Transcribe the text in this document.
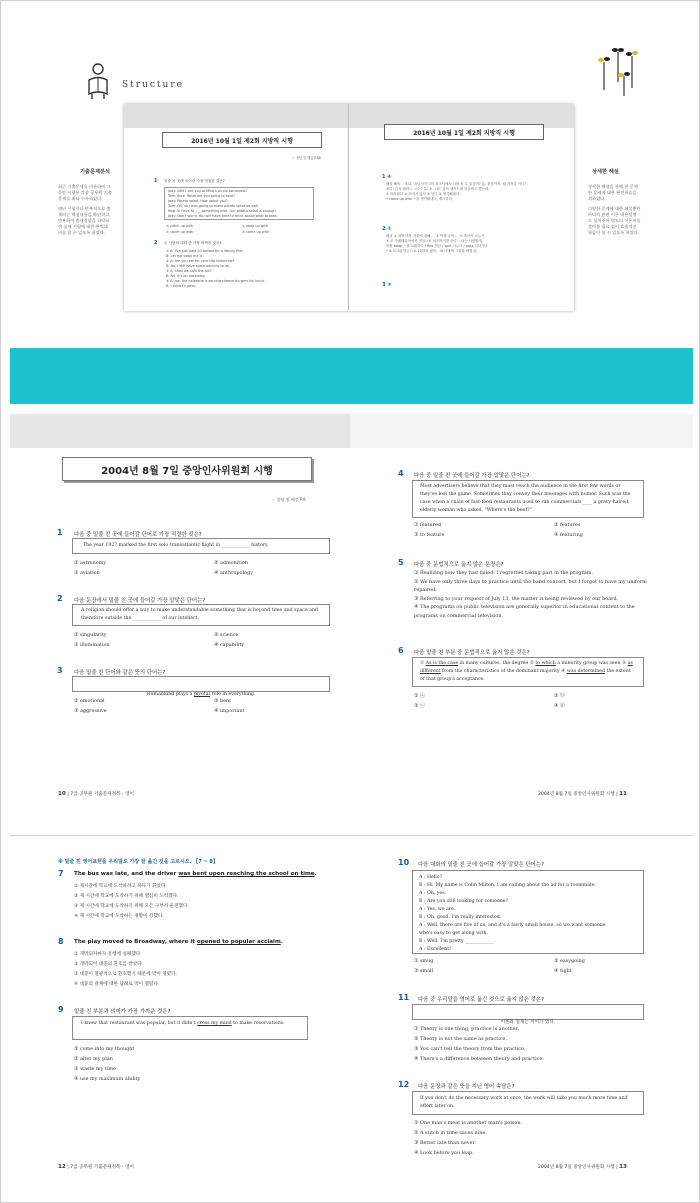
Structure
기출문제분석
최근 기출문제를 비롯하여 그
동안 시행된 각종 공무원 기출
문제를 최다 수록하였다.
매년 시험마다 반복적으로 출
제되는 핵심내용을 확인하고,
반복하여 출제경향을 파악하
여 실제 시험에 대한 완벽대
비를 할 수 있도록 하였다.
상세한 해설
상세한 해설을 통해 한 문제
한 문제에 대한 완전학습을
꾀하였다.
다양한 문제에 대한 해설뿐만
아니라 관련 이론 내용설명
도 실어주어 별도의 이론서를
찾아볼 필요 없이 효율적인
학습이 될 수 있도록 하였다.
2016년 10월 1일 제2회 지방직 시행
☞ 정답 및 해설 P.88
1 밑줄 친 곳에 들어갈 가장 적절한 것은?
Jody: Well I see you at Mike's picnic tomorrow?
Tom: Sure. What are you going to take?
Jody: Potato salad. How about you?
Tom: Oh, so I was going to make potato salad as well.
Now I'll have to ___ something else. Our potato salad is enough.
Jody: Don't worry. You will have time to think about what to take.
① catch up with	② keep up with
③ cover up with	④ come up with
2 두 사람의 대화 중 가장 어색한 것은?
① A: I've just paid 20 dollars for a library fine.
B: Let me swap me it.
② A: Are you set for your trip tomorrow?
B: No, I still have some packing to do.
③ A: Shall we split the bill?
B: No, it's on me today.
④ A: Joe, the cafeteria is serving cheese burgers for lunch.
B: I think I'll pass.
2016년 10월 1일 제2회 지방직 시행
1 ④
해설 해석 「조디: 내일 마이크의 피크닉에서 너를 볼 수 있을까? 톰: 물론이지. 뭘 가져갈 거니?」
조디: 감자 샐러드. 너는? 톰: 오, 나도 감자 샐러드를 만들려고 했는데.
① 따라잡다 ② 뒤지지 않다 ③ 덮다 ④ 생각해내다
• come up with ~을 생각해내다, 제시하다
2 ①
해설 ① 지방 비용 지불에 대해 ... ② 여행 준비 ... ③ 계산서 나누기
④ 조 카페테리아에서 점심으로 치즈버거를 준다. - 나는 사양할게.
어휘 swap ~을 교환하다 / fine 벌금 / split 나누다 / pass 지나가다
• A 도서관 벌금으로 20달러 냈어. - B 나에게 그것을 바꿔 줘.
3 ③
2004년 8월 7일 중앙인사위원회 시행
☞ 정답 및 해설 P.9
1 다음 중 밑줄 친 곳에 들어갈 단어로 가장 적절한 것은?
The year 1927 marked the first solo transatlantic flight in ____________ history.
① astronomy	② admonition
③ aviation	④ anthropology
2 다음 문장에서 밑줄 친 곳에 들어갈 가장 알맞은 단어는?
A religion should offer a way to make understandable something that is beyond time and space and therefore outside the ____________ of our intellect.
① singularity	② science
③ illumination	④ capability
3 다음 밑줄 친 단어와 같은 뜻의 단어는?
Humankind plays a pivotal role in everything.
① emotional	② bent
③ aggressive	④ important
10 | 7급 공무원 기출문제정복 - 영어
4 다음 중 밑줄 친 곳에 들어갈 가장 알맞은 단어는?
Most advertisers believe that they must reach the audience in the first few words or they've lost the game. Sometimes they convey their messages with humor. Such was the case when a chain of fast-food restaurants used to run commercials ____ a gravy-haired, elderly woman who asked, "Where's the beef?"
① featured	② features
③ to feature	④ featuring
5 다음 중 문법적으로 옳지 않은 문장은?
① Realizing how they had failed, I regretted taking part in the program.
② We have only three days to practice until the band concert, but I forgot to have my uniform repaired.
③ Referring to your request of July 13, the matter is being reviewed by our board.
④ The programs on public television are generally superior in educational content to the programs on commercial television.
6 다음 밑줄 친 부분 중 문법적으로 옳지 않은 것은?
① As is the case in many cultures, the degree ② to which a minority group was seen ③ as different from the characteristics of the dominant majority ④ was determined the extent of that group's acceptance.
① ⓐ	② ⓑ
③ ⓒ	④ ⓓ
2004년 8월 7일 중앙인사위원회 시행 | 11
※ 밑줄 친 영어표현을 우리말로 가장 잘 옮긴 것을 고르시오. 【7 ~ 8】
7 The bus was late, and the driver was bent upon reaching the school on time.
① 제시간에 학교에 도착하려고 하다가 휘었다.
② 제 시간에 학교에 도착하기 위해 열심히 노력했다.
③ 제 시간에 학교에 도착하기 위해 모든 구부러 운전했다.
④ 제 시간에 학교에 도착하는 경향이 강했다.
8 The play moved to Broadway, where it opened to popular acclaim.
① 개막되자마자 흥행에 실패했다.
② 개막되어 대중의 환호를 받았다.
③ 대중이 열광적으로 환호했기 때문에 막이 열렸다.
④ 대중의 갈채에 대한 답례로 막이 열렸다.
9 밑줄 친 부분과 의미가 가장 가까운 것은?
I knew that restaurant was popular, but it didn't cross my mind to make reservations.
① come into my thought
② alter my plan
③ waste my time
④ use my maximum ability
12 | 7급 공무원 기출문제정복 - 영어
10 다음 대화의 밑줄 친 곳에 들어갈 가장 알맞은 단어는?
A : Hello?
B : Hi, My name is Colin Milton. I am calling about the ad for a roommate.
A : Oh, yes.
B : Are you still looking for someone?
A : Yes, we are.
B : Oh, good. I'm really interested.
A : Well, there are five of us, and it's a fairly small house, so we want someone
who's easy to get along with.
B : Well, I'm pretty ____________.
A : Excellent!
① smug	② easygoing
③ small	④ tight
11 다음 중 우리말을 영어로 옮긴 것으로 옳지 않은 것은?
이론과 실제는 차이가 있다.
① Theory is one thing; practice is another.
② Theory is not the same as practice.
③ You can't tell the theory from the practice.
④ There's a difference between theory and practice.
12 다음 문장과 같은 뜻을 지닌 영어 속담은?
If you don't do the necessary work at once, the work will take you much more time and effort later on.
① One man's meat is another man's poison.
② A stitch in time saves nine.
③ Better late than never.
④ Look before you leap.
2004년 8월 7일 중앙인사위원회 시행 | 13
